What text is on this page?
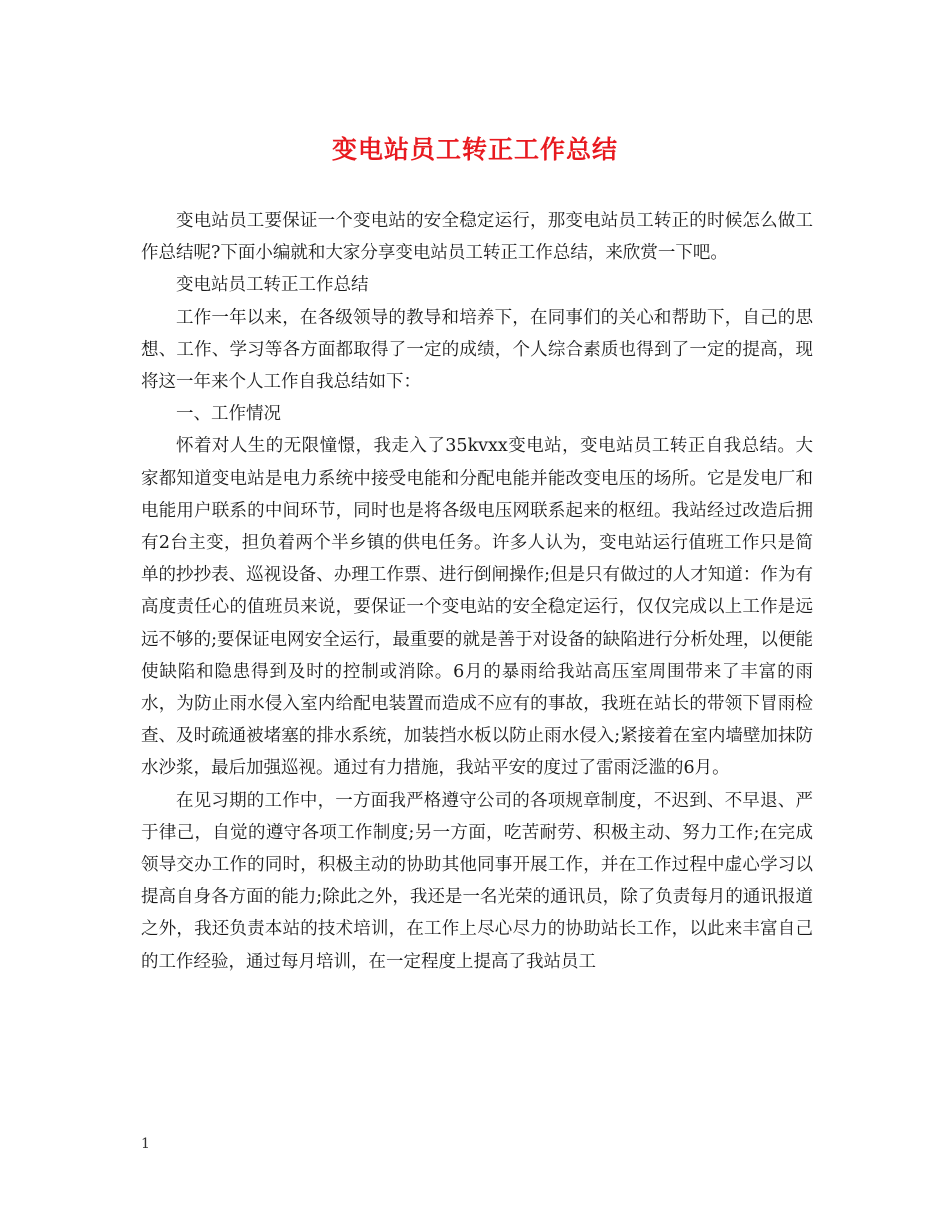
变电站员工转正工作总结

变电站员工要保证一个变电站的安全稳定运行，那变电站员工转正的时候怎么做工作总结呢?下面小编就和大家分享变电站员工转正工作总结，来欣赏一下吧。

变电站员工转正工作总结

工作一年以来，在各级领导的教导和培养下，在同事们的关心和帮助下，自己的思想、工作、学习等各方面都取得了一定的成绩，个人综合素质也得到了一定的提高，现将这一年来个人工作自我总结如下：

一、工作情况

怀着对人生的无限憧憬，我走入了35kvxx变电站，变电站员工转正自我总结。大家都知道变电站是电力系统中接受电能和分配电能并能改变电压的场所。它是发电厂和电能用户联系的中间环节，同时也是将各级电压网联系起来的枢纽。我站经过改造后拥有2台主变，担负着两个半乡镇的供电任务。许多人认为，变电站运行值班工作只是简单的抄抄表、巡视设备、办理工作票、进行倒闸操作;但是只有做过的人才知道：作为有高度责任心的值班员来说，要保证一个变电站的安全稳定运行，仅仅完成以上工作是远远不够的;要保证电网安全运行，最重要的就是善于对设备的缺陷进行分析处理，以便能使缺陷和隐患得到及时的控制或消除。6月的暴雨给我站高压室周围带来了丰富的雨水，为防止雨水侵入室内给配电装置而造成不应有的事故，我班在站长的带领下冒雨检查、及时疏通被堵塞的排水系统，加装挡水板以防止雨水侵入;紧接着在室内墙壁加抹防水沙浆，最后加强巡视。通过有力措施，我站平安的度过了雷雨泛滥的6月。

在见习期的工作中，一方面我严格遵守公司的各项规章制度，不迟到、不早退、严于律己，自觉的遵守各项工作制度;另一方面，吃苦耐劳、积极主动、努力工作;在完成领导交办工作的同时，积极主动的协助其他同事开展工作，并在工作过程中虚心学习以提高自身各方面的能力;除此之外，我还是一名光荣的通讯员，除了负责每月的通讯报道之外，我还负责本站的技术培训，在工作上尽心尽力的协助站长工作，以此来丰富自己的工作经验，通过每月培训，在一定程度上提高了我站员工

1
